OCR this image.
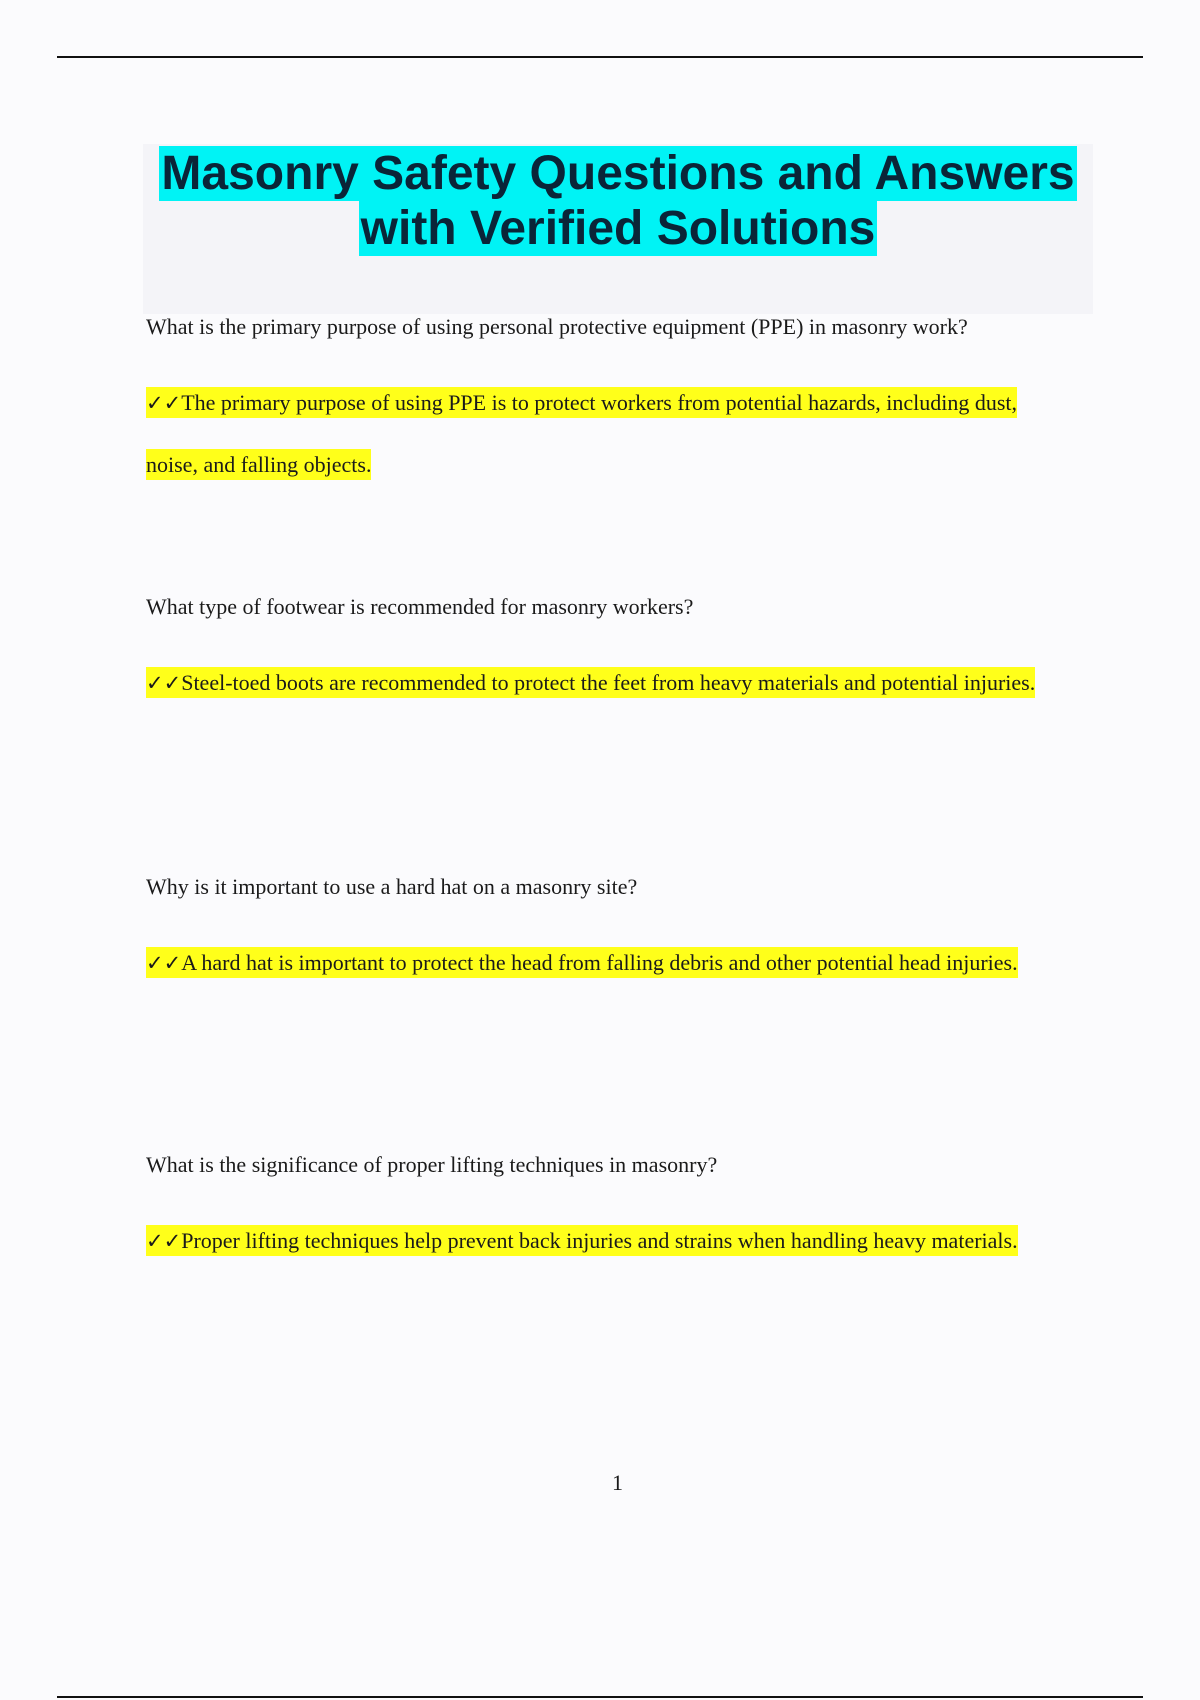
Masonry Safety Questions and Answers
with Verified Solutions

What is the primary purpose of using personal protective equipment (PPE) in masonry work?

✓✓The primary purpose of using PPE is to protect workers from potential hazards, including dust, noise, and falling objects.

What type of footwear is recommended for masonry workers?

✓✓Steel-toed boots are recommended to protect the feet from heavy materials and potential injuries.

Why is it important to use a hard hat on a masonry site?

✓✓A hard hat is important to protect the head from falling debris and other potential head injuries.

What is the significance of proper lifting techniques in masonry?

✓✓Proper lifting techniques help prevent back injuries and strains when handling heavy materials.

1
